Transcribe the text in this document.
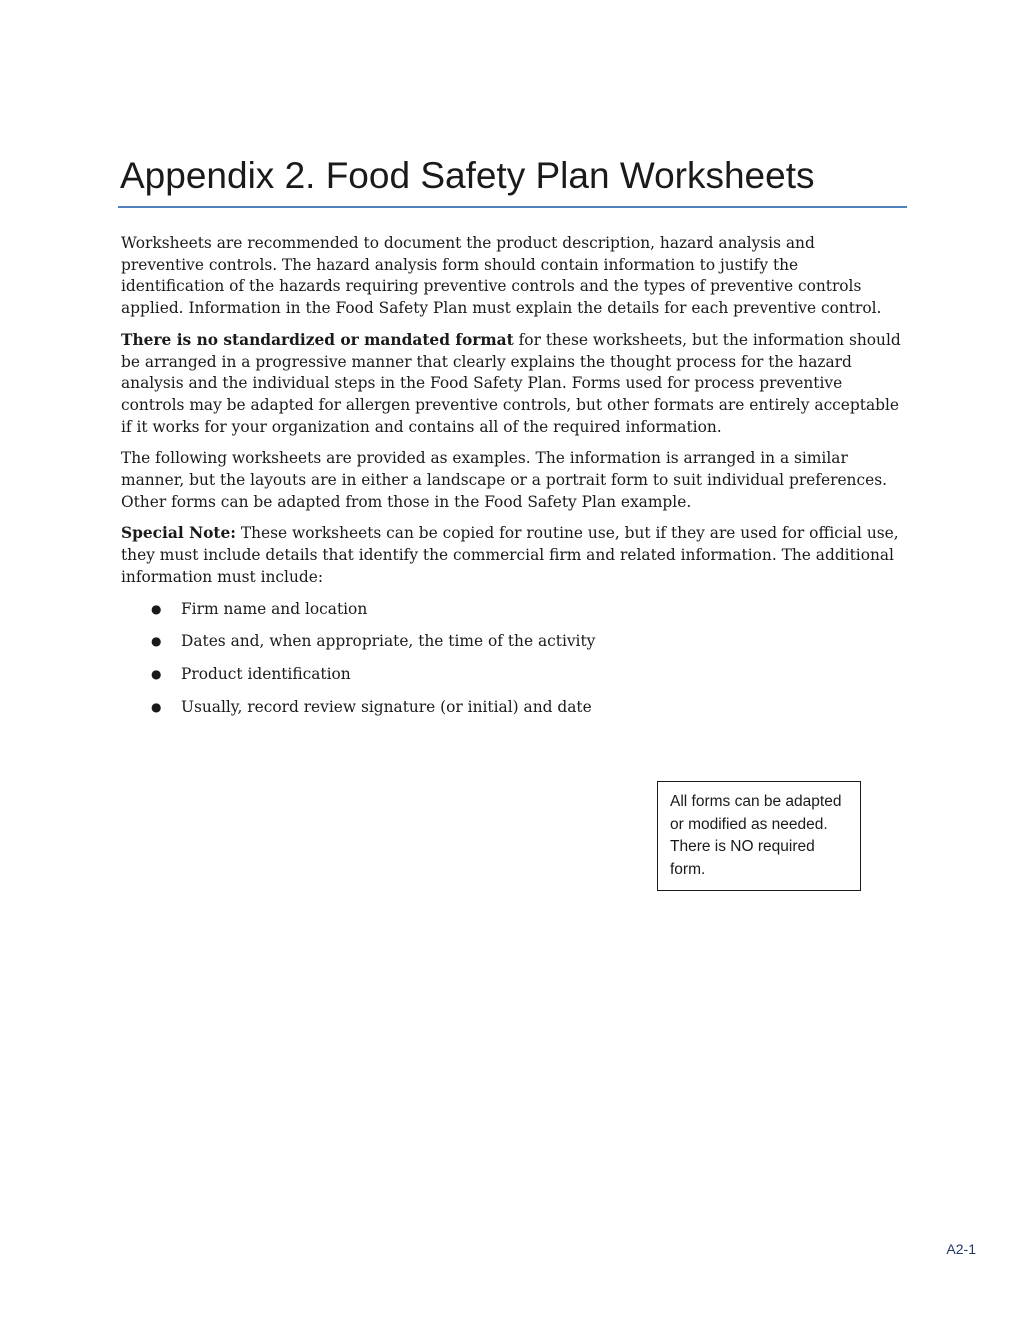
Appendix 2. Food Safety Plan Worksheets

Worksheets are recommended to document the product description, hazard analysis and preventive controls. The hazard analysis form should contain information to justify the identification of the hazards requiring preventive controls and the types of preventive controls applied. Information in the Food Safety Plan must explain the details for each preventive control.

There is no standardized or mandated format for these worksheets, but the information should be arranged in a progressive manner that clearly explains the thought process for the hazard analysis and the individual steps in the Food Safety Plan. Forms used for process preventive controls may be adapted for allergen preventive controls, but other formats are entirely acceptable if it works for your organization and contains all of the required information.

The following worksheets are provided as examples. The information is arranged in a similar manner, but the layouts are in either a landscape or a portrait form to suit individual preferences. Other forms can be adapted from those in the Food Safety Plan example.

Special Note: These worksheets can be copied for routine use, but if they are used for official use, they must include details that identify the commercial firm and related information. The additional information must include:

● Firm name and location
● Dates and, when appropriate, the time of the activity
● Product identification
● Usually, record review signature (or initial) and date
All forms can be adapted or modified as needed. There is NO required form.
A2-1
